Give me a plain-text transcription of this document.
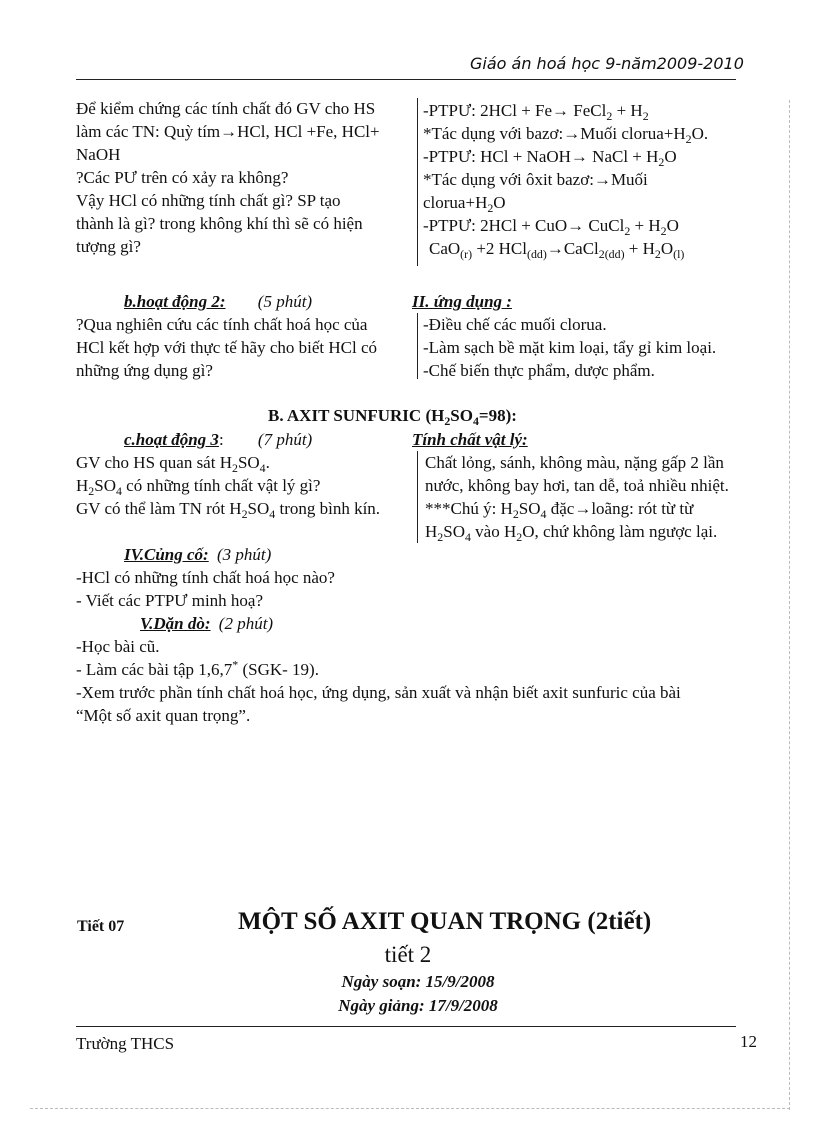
Giáo án hoá học 9-năm2009-2010
Để kiểm chứng các tính chất đó GV cho HS
làm các TN: Quỳ tím→HCl, HCl +Fe, HCl+
NaOH
?Các PƯ trên có xảy ra không?
Vậy HCl có những tính chất gì? SP tạo
thành là gì? trong không khí thì sẽ có hiện
tượng gì?
-PTPƯ: 2HCl + Fe→ FeCl$_2$ + $H_2$
*Tác dụng với bazơ:→Muối $clorua+H_2O$.
-PTPƯ: HCl + NaOH→ NaCl + $H_2O$
*Tác dụng với ôxit bazơ:→Muối
$clorua+H_2O$
-PTPƯ: 2HCl + CuO→ CuCl$_2$ + $H_2O$
CaO$_{(r)}$ +2 HCl$_{(dd)}$→CaCl$_{2(dd)}$ + $H_2O_{(l)}$
b.hoạt động 2: (5 phút)	II. ứng dụng :
?Qua nghiên cứu các tính chất hoá học của
HCl kết hợp với thực tế hãy cho biết HCl có
những ứng dụng gì?
-Điều chế các muối clorua.
-Làm sạch bề mặt kim loại, tẩy gỉ kim loại.
-Chế biến thực phẩm, dược phẩm.
B. AXIT SUNFURIC $(H_2SO_4=98)$:
c.hoạt động 3: (7 phút)	Tính chất vật lý:
GV cho HS quan sát $H_2SO_4$.
$H_2SO_4$ có những tính chất vật lý gì?
GV có thể làm TN rót $H_2SO_4$ trong bình kín.
Chất lỏng, sánh, không màu, nặng gấp 2 lần
nước, không bay hơi, tan dễ, toả nhiều nhiệt.
***Chú ý: $H_2SO_4$ đặc→loãng: rót từ từ
$H_2SO_4$ vào $H_2O$, chứ không làm ngược lại.
IV.Củng cố: (3 phút)
-HCl có những tính chất hoá học nào?
- Viết các PTPƯ minh hoạ?
V.Dặn dò: (2 phút)
-Học bài cũ.
- Làm các bài tập 1,6,7* (SGK- 19).
-Xem trước phần tính chất hoá học, ứng dụng, sản xuất và nhận biết axit sunfuric của bài
“Một số axit quan trọng”.
Tiết 07	MỘT SỐ AXIT QUAN TRỌNG (2tiết)
tiết 2
Ngày soạn: 15/9/2008
Ngày giảng: 17/9/2008
Trường THCS	12
